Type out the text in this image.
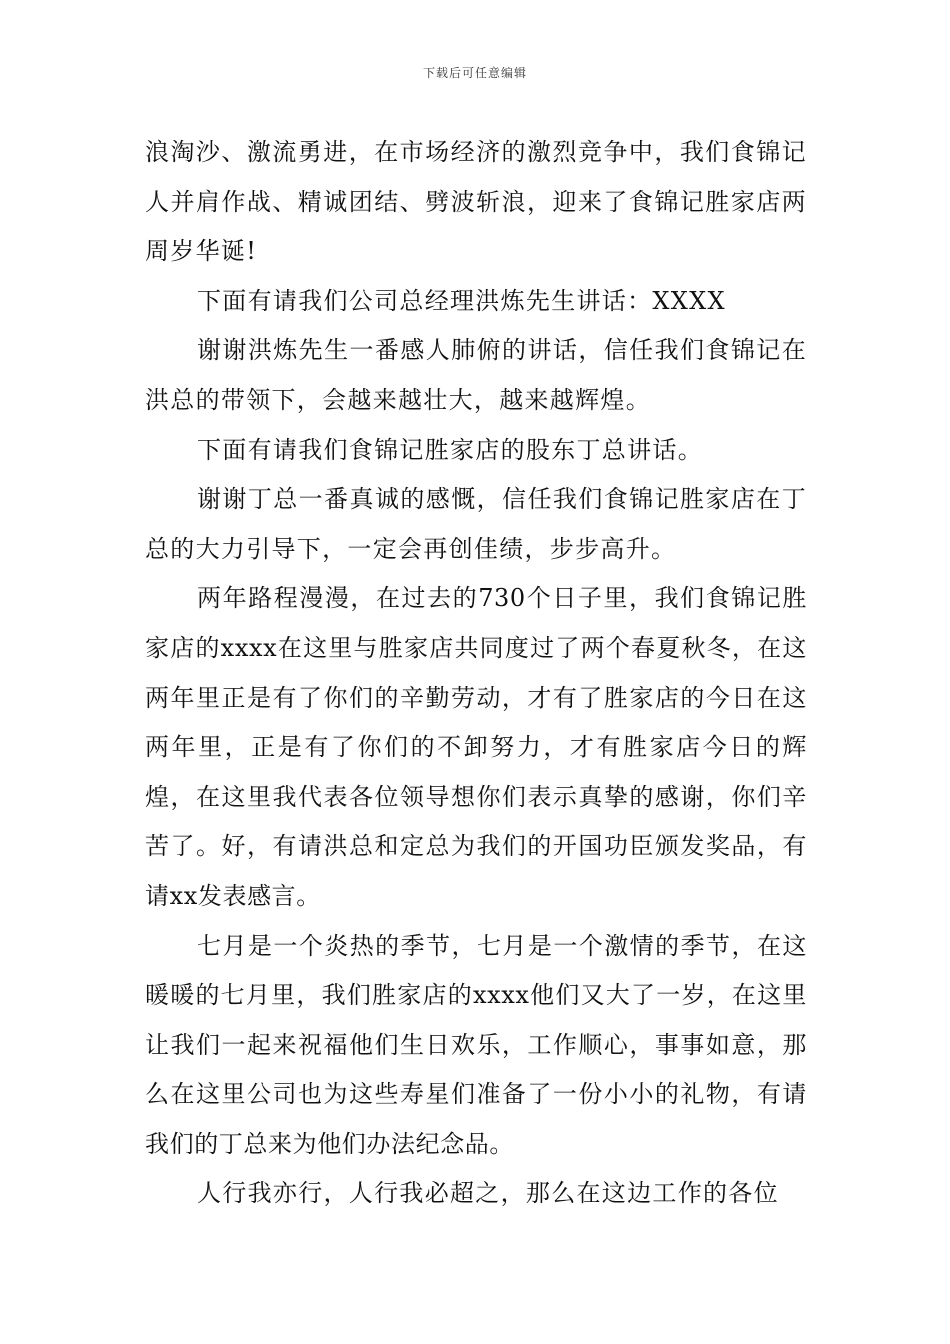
下载后可任意编辑

浪淘沙、激流勇进，在市场经济的激烈竞争中，我们食锦记人并肩作战、精诚团结、劈波斩浪，迎来了食锦记胜家店两周岁华诞!

下面有请我们公司总经理洪炼先生讲话：XXXX

谢谢洪炼先生一番感人肺俯的讲话，信任我们食锦记在洪总的带领下，会越来越壮大，越来越辉煌。

下面有请我们食锦记胜家店的股东丁总讲话。

谢谢丁总一番真诚的感慨，信任我们食锦记胜家店在丁总的大力引导下，一定会再创佳绩，步步高升。

两年路程漫漫，在过去的730个日子里，我们食锦记胜家店的xxxx在这里与胜家店共同度过了两个春夏秋冬，在这两年里正是有了你们的辛勤劳动，才有了胜家店的今日在这两年里，正是有了你们的不卸努力，才有胜家店今日的辉煌，在这里我代表各位领导想你们表示真挚的感谢，你们辛苦了。好，有请洪总和定总为我们的开国功臣颁发奖品，有请xx发表感言。

七月是一个炎热的季节，七月是一个激情的季节，在这暖暖的七月里，我们胜家店的xxxx他们又大了一岁，在这里让我们一起来祝福他们生日欢乐，工作顺心，事事如意，那么在这里公司也为这些寿星们准备了一份小小的礼物，有请我们的丁总来为他们办法纪念品。

人行我亦行，人行我必超之，那么在这边工作的各位
